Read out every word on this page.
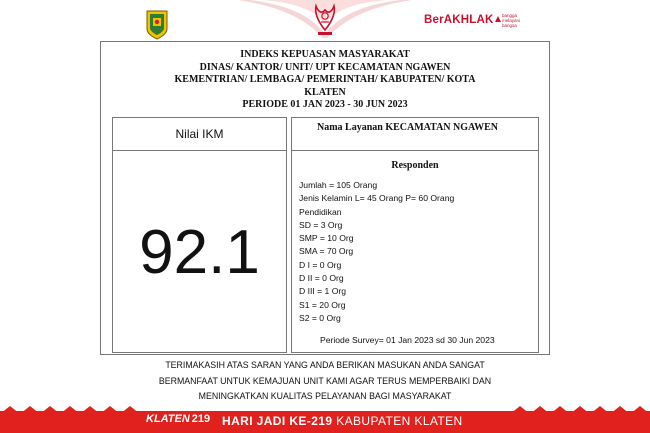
BerAKHLAK bangga
melayani
bangsa
INDEKS KEPUASAN MASYARAKAT
DINAS/ KANTOR/ UNIT/ UPT KECAMATAN NGAWEN
KEMENTRIAN/ LEMBAGA/ PEMERINTAH/ KABUPATEN/ KOTA
KLATEN
PERIODE 01 JAN 2023 - 30 JUN 2023
Nilai IKM
92.1
Nama Layanan KECAMATAN NGAWEN
Responden
Jumlah = 105 Orang
Jenis Kelamin L= 45 Orang P= 60 Orang
Pendidikan
SD = 3 Org
SMP = 10 Org
SMA = 70 Org
D I = 0 Org
D II = 0 Org
D III = 1 Org
S1 = 20 Org
S2 = 0 Org
Periode Survey= 01 Jan 2023 sd 30 Jun 2023
TERIMAKASIH ATAS SARAN YANG ANDA BERIKAN MASUKAN ANDA SANGAT
BERMANFAAT UNTUK KEMAJUAN UNIT KAMI AGAR TERUS MEMPERBAIKI DAN
MENINGKATKAN KUALITAS PELAYANAN BAGI MASYARAKAT
KLATEN 219 HARI JADI KE-219 KABUPATEN KLATEN
